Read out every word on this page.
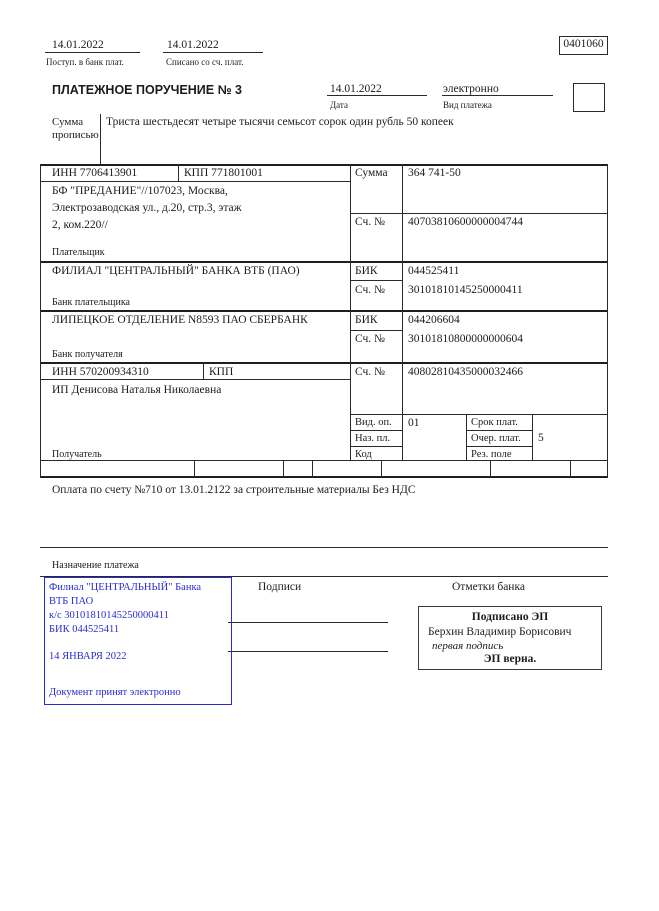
14.01.2022
Поступ. в банк плат.
14.01.2022
Списано со сч. плат.
0401060
ПЛАТЕЖНОЕ ПОРУЧЕНИЕ № 3	14.01.2022
Дата
электронно
Вид платежа
Сумма
прописью
Триста шестьдесят четыре тысячи семьсот сорок один рубль 50 копеек
ИНН 7706413901	КПП 771801001	Сумма 364 741-50
БФ "ПРЕДАНИЕ"//107023, Москва,
Электрозаводская ул., д.20, стр.3, этаж
2, ком.220//	Сч. № 40703810600000004744
Плательщик
ФИЛИАЛ "ЦЕНТРАЛЬНЫЙ" БАНКА ВТБ (ПАО)	БИК	044525411
Сч. № 30101810145250000411
Банк плательщика
ЛИПЕЦКОЕ ОТДЕЛЕНИЕ N8593 ПАО СБЕРБАНК	БИК	044206604
Сч. № 30101810800000000604
Банк получателя
ИНН 570200934310	КПП	Сч. № 40802810435000032466
ИП Денисова Наталья Николаевна
Получатель
Вид. оп. 01	Срок плат.
Наз. пл.	Очер. плат. 5
Код	Рез. поле
Оплата по счету №710 от 13.01.2122 за строительные материалы Без НДС
Назначение платежа
Подписи	Отметки банка
Подписано ЭП
Берхин Владимир Борисович
первая подпись
ЭП верна.
Филиал "ЦЕНТРАЛЬНЫЙ" Банка
ВТБ ПАО
к/с 30101810145250000411
БИК 044525411
14 ЯНВАРЯ 2022
Документ принят электронно
